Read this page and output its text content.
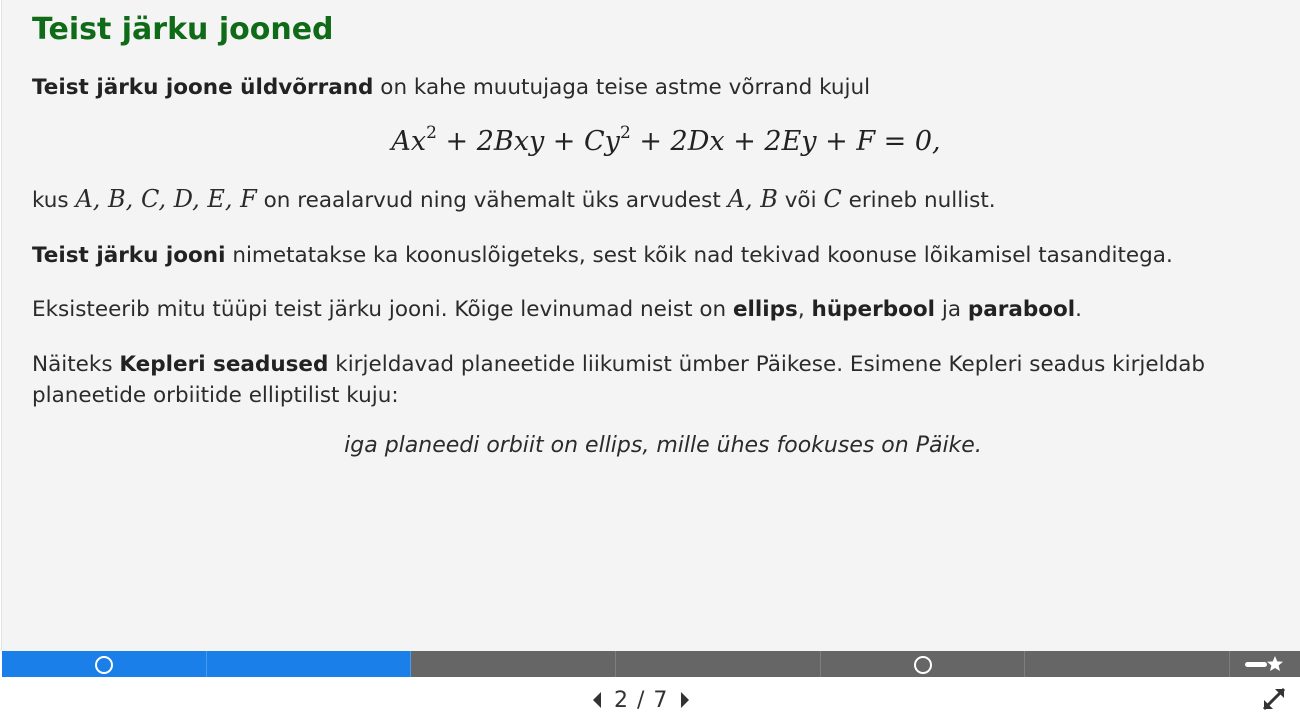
Teist järku jooned
Teist järku joone üldvõrrand on kahe muutujaga teise astme võrrand kujul
$Ax^2 + 2Bxy + Cy^2 + 2Dx + 2Ey + F = 0$,
kus A, B, C, D, E, F on reaalarvud ning vähemalt üks arvudest A, B või C erineb nullist.
Teist järku jooni nimetatakse ka koonuslõigeteks, sest kõik nad tekivad koonuse lõikamisel tasanditega.
Eksisteerib mitu tüüpi teist järku jooni. Kõige levinumad neist on ellips, hüperbool ja parabool.
Näiteks Kepleri seadused kirjeldavad planeetide liikumist ümber Päikese. Esimene Kepleri seadus kirjeldab planeetide orbiitide elliptilist kuju:
iga planeedi orbiit on ellips, mille ühes fookuses on Päike.
2 / 7
